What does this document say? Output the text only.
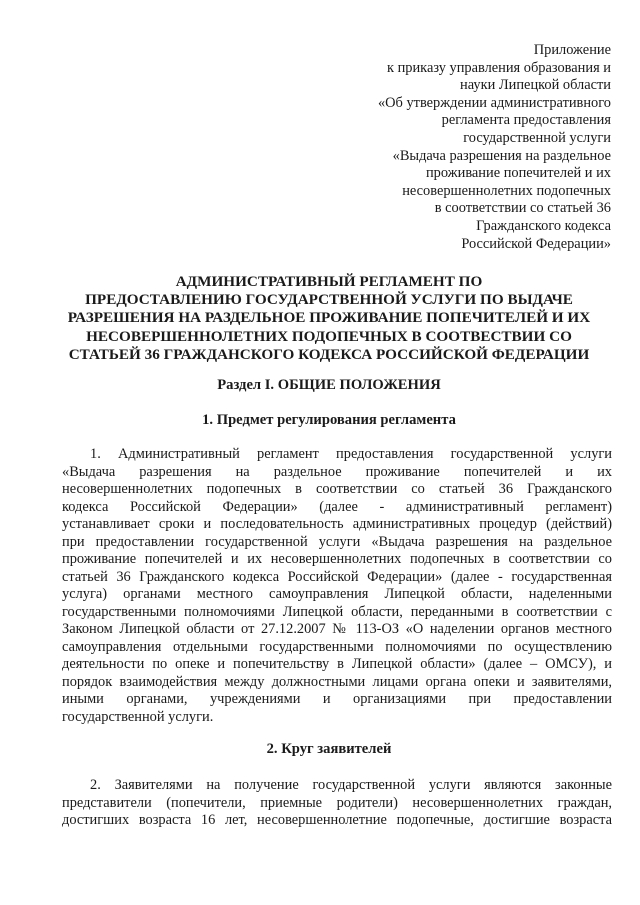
Приложение
к приказу управления образования и
науки Липецкой области
«Об утверждении административного
регламента предоставления
государственной услуги
«Выдача разрешения на раздельное
проживание попечителей и их
несовершеннолетних подопечных
в соответствии со статьей 36
Гражданского кодекса
Российской Федерации»
АДМИНИСТРАТИВНЫЙ РЕГЛАМЕНТ ПО
ПРЕДОСТАВЛЕНИЮ ГОСУДАРСТВЕННОЙ УСЛУГИ ПО ВЫДАЧЕ
РАЗРЕШЕНИЯ НА РАЗДЕЛЬНОЕ ПРОЖИВАНИЕ ПОПЕЧИТЕЛЕЙ И ИХ
НЕСОВЕРШЕННОЛЕТНИХ ПОДОПЕЧНЫХ В СООТВЕСТВИИ СО
СТАТЬЕЙ 36 ГРАЖДАНСКОГО КОДЕКСА РОССИЙСКОЙ ФЕДЕРАЦИИ
Раздел I. ОБЩИЕ ПОЛОЖЕНИЯ
1. Предмет регулирования регламента
1. Административный регламент предоставления государственной услуги
«Выдача разрешения на раздельное проживание попечителей и их
несовершеннолетних подопечных в соответствии со статьей 36 Гражданского
кодекса Российской Федерации» (далее - административный регламент)
устанавливает сроки и последовательность административных процедур (действий)
при предоставлении государственной услуги «Выдача разрешения на раздельное
проживание попечителей и их несовершеннолетних подопечных в соответствии со
статьей 36 Гражданского кодекса Российской Федерации» (далее - государственная
услуга) органами местного самоуправления Липецкой области, наделенными
государственными полномочиями Липецкой области, переданными в соответствии с
Законом Липецкой области от 27.12.2007 № 113-ОЗ «О наделении органов местного
самоуправления отдельными государственными полномочиями по осуществлению
деятельности по опеке и попечительству в Липецкой области» (далее – ОМСУ), и
порядок взаимодействия между должностными лицами органа опеки и заявителями,
иными органами, учреждениями и организациями при предоставлении
государственной услуги.
2. Круг заявителей
2. Заявителями на получение государственной услуги являются законные
представители (попечители, приемные родители) несовершеннолетних граждан,
достигших возраста 16 лет, несовершеннолетние подопечные, достигшие возраста
